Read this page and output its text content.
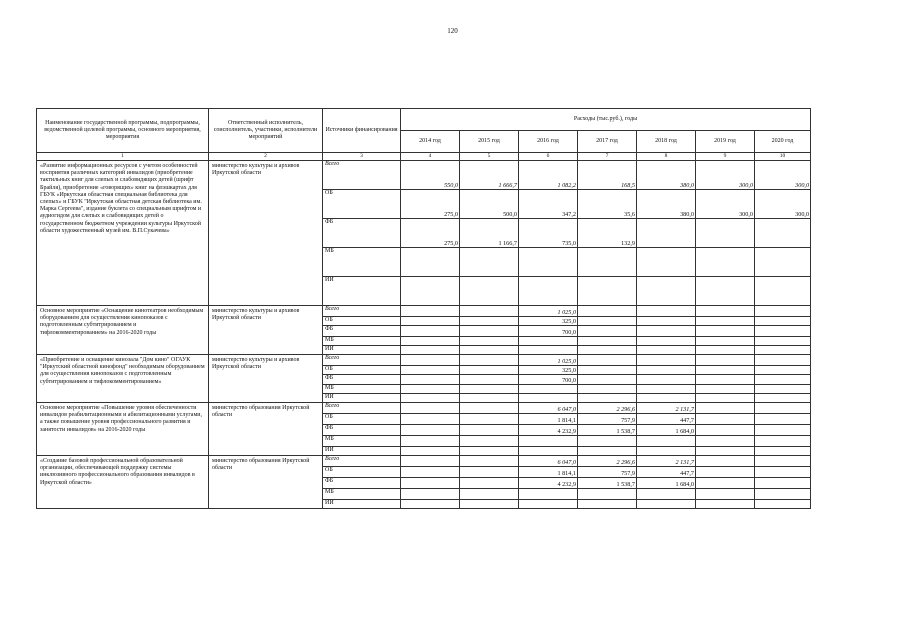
120
Наименование государственной программы, подпрограммы, ведомственной целевой программы, основного мероприятия, мероприятия	Ответственный исполнитель, соисполнитель, участники, исполнители мероприятий	Источники финансирования	Расходы (тыс.руб.), годы						
			2014 год	2015 год	2016 год	2017 год	2018 год	2019 год	2020 год
1	2	3	4	5	6	7	8	9	10
«Развитие информационных ресурсов с учетом особенностей восприятия различных категорий инвалидов (приобретение тактильных книг для слепых и слабовидящих детей (шрифт Брайля), приобретение «говорящих» книг на флэшкартах для ГБУК «Иркутская областная специальная библиотека для слепых» и ГБУК "Иркутская областная детская библиотека им. Марка Сергеева", издание буклета со специальным шрифтом и аудиогидом для слепых и слабовидящих детей о государственном бюджетном учреждении культуры Иркутской области художественный музей им. В.П.Сукачева»	министерство культуры и архивов Иркутской области	Всего	550,0	1 666,7	1 082,2	168,5	380,0	300,0	300,0
		ОБ	275,0	500,0	347,2	35,6	380,0	300,0	300,0
		ФБ	275,0	1 166,7	735,0	132,9			
		МБ							
		ИИ							
Основное мероприятие «Оснащение кинотеатров необходимым оборудованием для осуществления кинопоказов с подготовленным субтитрированием и тифлокомментированием» на 2016-2020 годы	министерство культуры и архивов Иркутской области	Всего			1 025,0				
		ОБ			325,0				
		ФБ			700,0				
		МБ							
		ИИ							
«Приобретение и оснащение кинозала "Дом кино" ОГАУК "Иркутский областной кинофонд" необходимым оборудованием для осуществления кинопоказов с подготовленным субтитрированием и тифлокомментированием»	министерство культуры и архивов Иркутской области	Всего			1 025,0				
		ОБ			325,0				
		ФБ			700,0				
		МБ							
		ИИ							
Основное мероприятие «Повышение уровня обеспеченности инвалидов реабилитационными и абилитационными услугами, а также повышение уровня профессионального развития и занятости инвалидов» на 2016-2020 годы	министерство образования Иркутской области	Всего			6 047,0	2 296,6	2 131,7		
		ОБ			1 814,1	757,9	447,7		
		ФБ			4 232,9	1 538,7	1 684,0		
		МБ							
		ИИ							
«Создание базовой профессиональной образовательной организации, обеспечивающей поддержку системы инклюзивного профессионального образования инвалидов в Иркутской области»	министерство образования Иркутской области	Всего			6 047,0	2 296,6	2 131,7		
		ОБ			1 814,1	757,9	447,7		
		ФБ			4 232,9	1 538,7	1 684,0		
		МБ							
		ИИ							
